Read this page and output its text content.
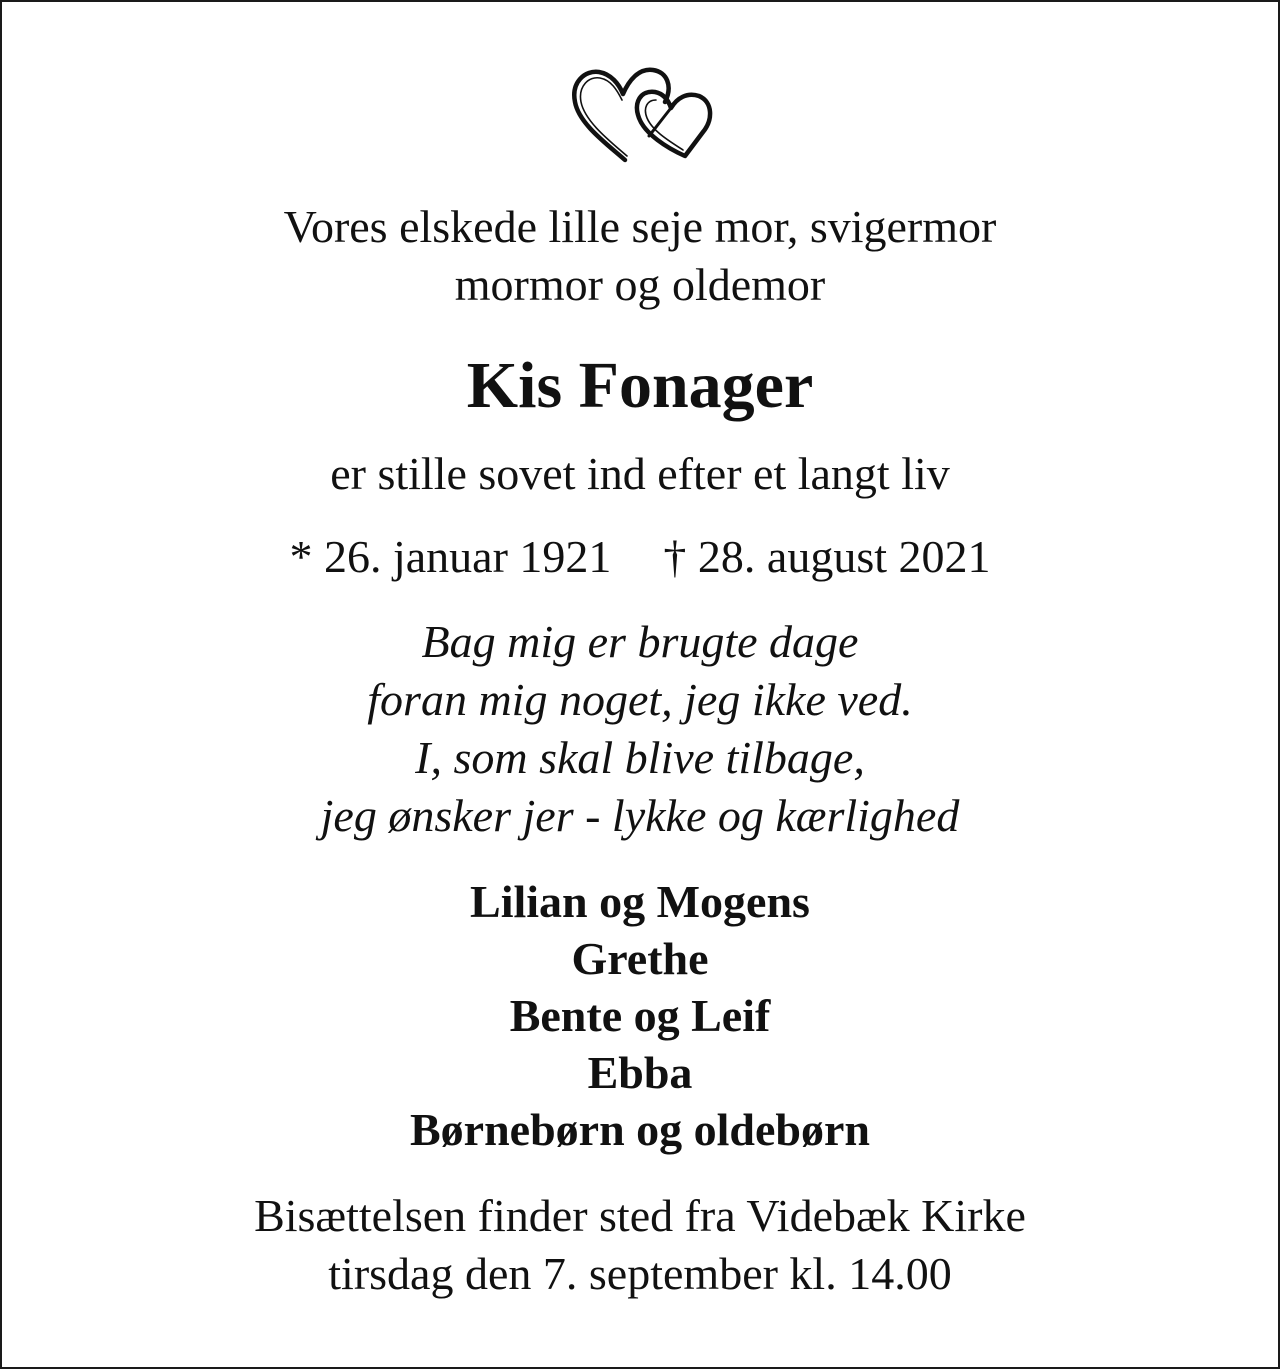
Vores elskede lille seje mor, svigermor
mormor og oldemor
Kis Fonager
er stille sovet ind efter et langt liv
* 26. januar 1921 † 28. august 2021
Bag mig er brugte dage
foran mig noget, jeg ikke ved.
I, som skal blive tilbage,
jeg ønsker jer - lykke og kærlighed
Lilian og Mogens
Grethe
Bente og Leif
Ebba
Børnebørn og oldebørn
Bisættelsen finder sted fra Videbæk Kirke
tirsdag den 7. september kl. 14.00
